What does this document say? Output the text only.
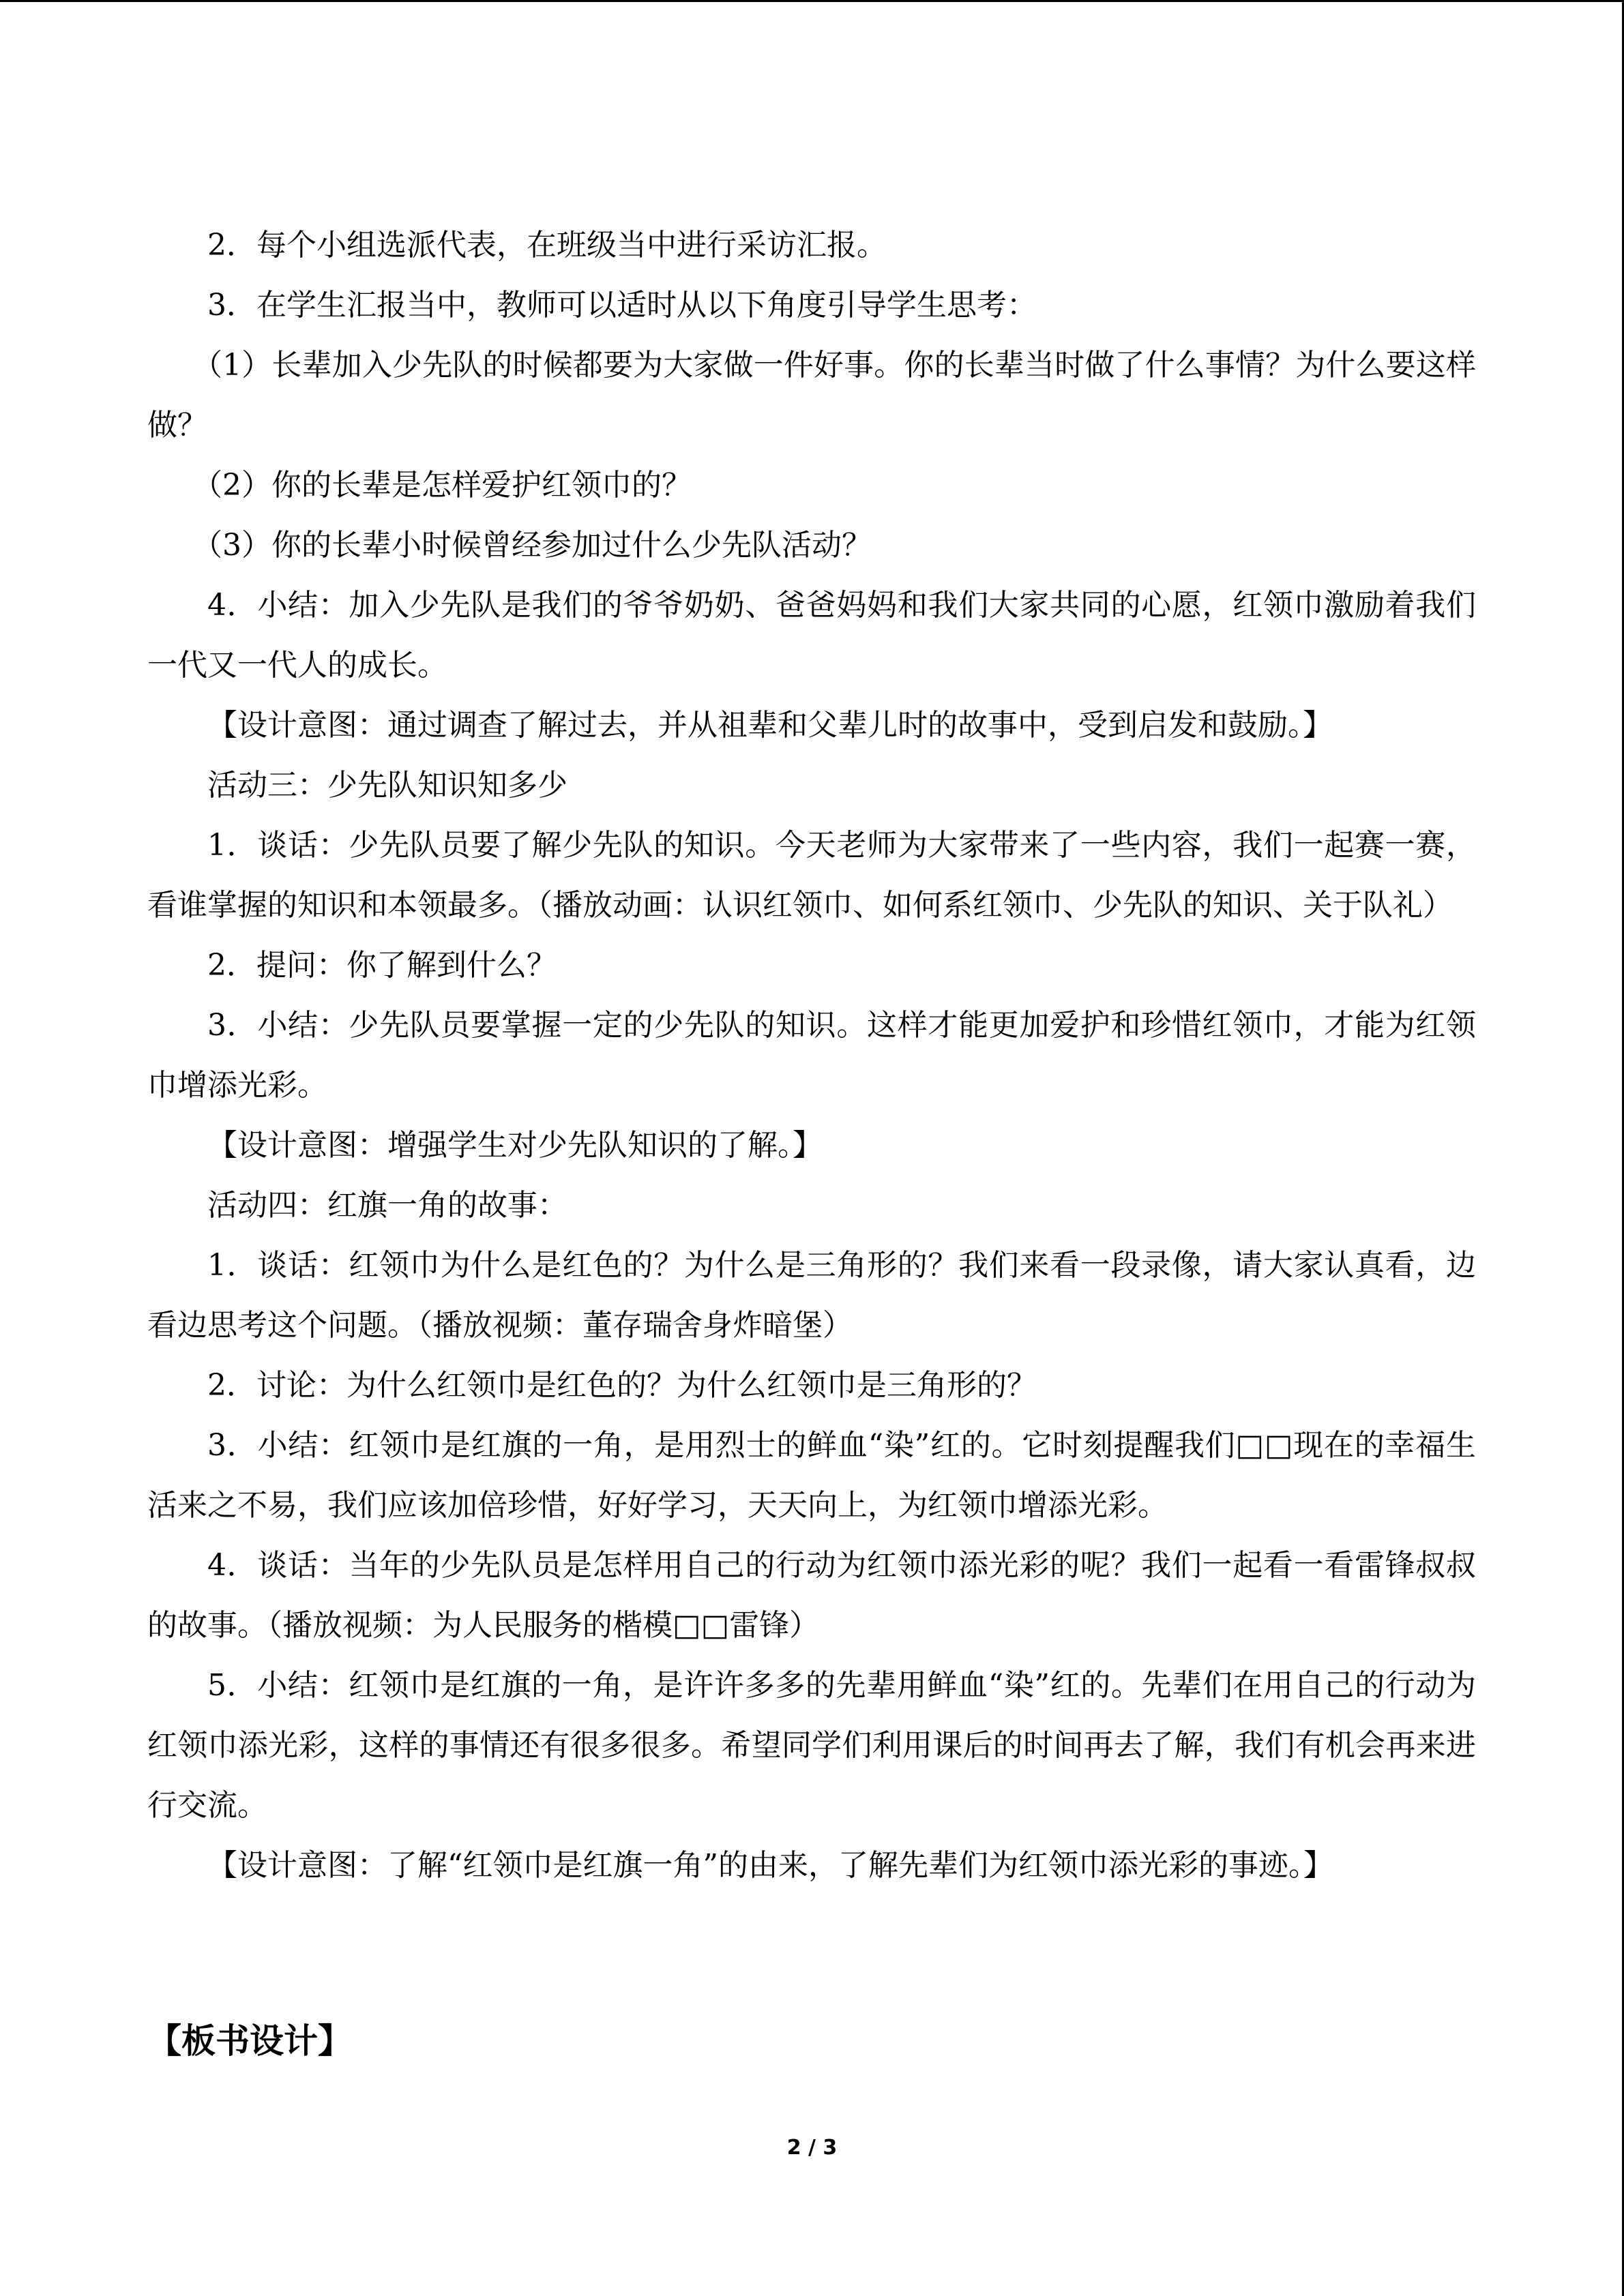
2．每个小组选派代表，在班级当中进行采访汇报。

3．在学生汇报当中，教师可以适时从以下角度引导学生思考：

（1）长辈加入少先队的时候都要为大家做一件好事。你的长辈当时做了什么事情？为什么要这样做？

（2）你的长辈是怎样爱护红领巾的？

（3）你的长辈小时候曾经参加过什么少先队活动？

4．小结：加入少先队是我们的爷爷奶奶、爸爸妈妈和我们大家共同的心愿，红领巾激励着我们一代又一代人的成长。

【设计意图：通过调查了解过去，并从祖辈和父辈儿时的故事中，受到启发和鼓励。】

活动三：少先队知识知多少

1．谈话：少先队员要了解少先队的知识。今天老师为大家带来了一些内容，我们一起赛一赛，看谁掌握的知识和本领最多。（播放动画：认识红领巾、如何系红领巾、少先队的知识、关于队礼）

2．提问：你了解到什么？

3．小结：少先队员要掌握一定的少先队的知识。这样才能更加爱护和珍惜红领巾，才能为红领巾增添光彩。

【设计意图：增强学生对少先队知识的了解。】

活动四：红旗一角的故事：

1．谈话：红领巾为什么是红色的？为什么是三角形的？我们来看一段录像，请大家认真看，边看边思考这个问题。（播放视频：董存瑞舍身炸暗堡）

2．讨论：为什么红领巾是红色的？为什么红领巾是三角形的？

3．小结：红领巾是红旗的一角，是用烈士的鲜血“染”红的。它时刻提醒我们□□现在的幸福生活来之不易，我们应该加倍珍惜，好好学习，天天向上，为红领巾增添光彩。

4．谈话：当年的少先队员是怎样用自己的行动为红领巾添光彩的呢？我们一起看一看雷锋叔叔的故事。（播放视频：为人民服务的楷模□□雷锋）

5．小结：红领巾是红旗的一角，是许许多多的先辈用鲜血“染”红的。先辈们在用自己的行动为红领巾添光彩，这样的事情还有很多很多。希望同学们利用课后的时间再去了解，我们有机会再来进行交流。

【设计意图：了解“红领巾是红旗一角”的由来，了解先辈们为红领巾添光彩的事迹。】

【板书设计】
2 / 3
